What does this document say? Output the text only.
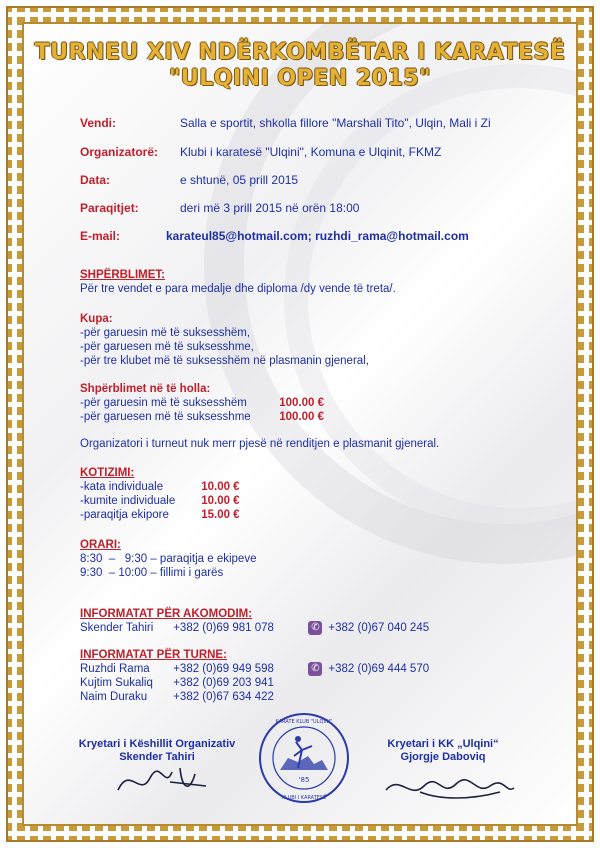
TURNEU XIV NDËRKOMBËTAR I KARATESË
"ULQINI OPEN 2015"
Vendi:	Salla e sportit, shkolla fillore "Marshali Tito", Ulqin, Mali i Zi
Organizatorë: Klubi i karatesë "Ulqini", Komuna e Ulqinit, FKMZ
Data:	e shtunë, 05 prill 2015
Paraqitjet:	deri më 3 prill 2015 në orën 18:00
E-mail:	karateul85@hotmail.com; ruzhdi_rama@hotmail.com
SHPËRBLIMET:
Për tre vendet e para medalje dhe diploma /dy vende të treta/.
Kupa:
-për garuesin më të suksesshëm,
-për garuesen më të suksesshme,
-për tre klubet më të suksesshëm në plasmanin gjeneral,
Shpërblimet në të holla:
-për garuesin më të suksesshëm	100.00 €
-për garuesen më të suksesshme 100.00 €
Organizatori i turneut nuk merr pjesë në renditjen e plasmanit gjeneral.
KOTIZIMI:
-kata individuale	10.00 €
-kumite individuale 10.00 €
-paraqitja ekipore	15.00 €
ORARI:
8:30  –   9:30 – paraqitja e ekipeve
9:30  – 10:00 – fillimi i garës
INFORMATAT PËR AKOMODIM:
Skender Tahiri +382 (0)69 981 078	✆ +382 (0)67 040 245
INFORMATAT PËR TURNE:
Ruzhdi Rama +382 (0)69 949 598	✆ +382 (0)69 444 570
Kujtim Sukaliq +382 (0)69 203 941
Naim Duraku +382 (0)67 634 422
Kryetari i Këshillit Organizativ
Skender Tahiri
Kryetari i KK „Ulqini“
Gjorgje Daboviq
'85
KARATE KLUB "ULQINI"
KLUBI I KARATESË
